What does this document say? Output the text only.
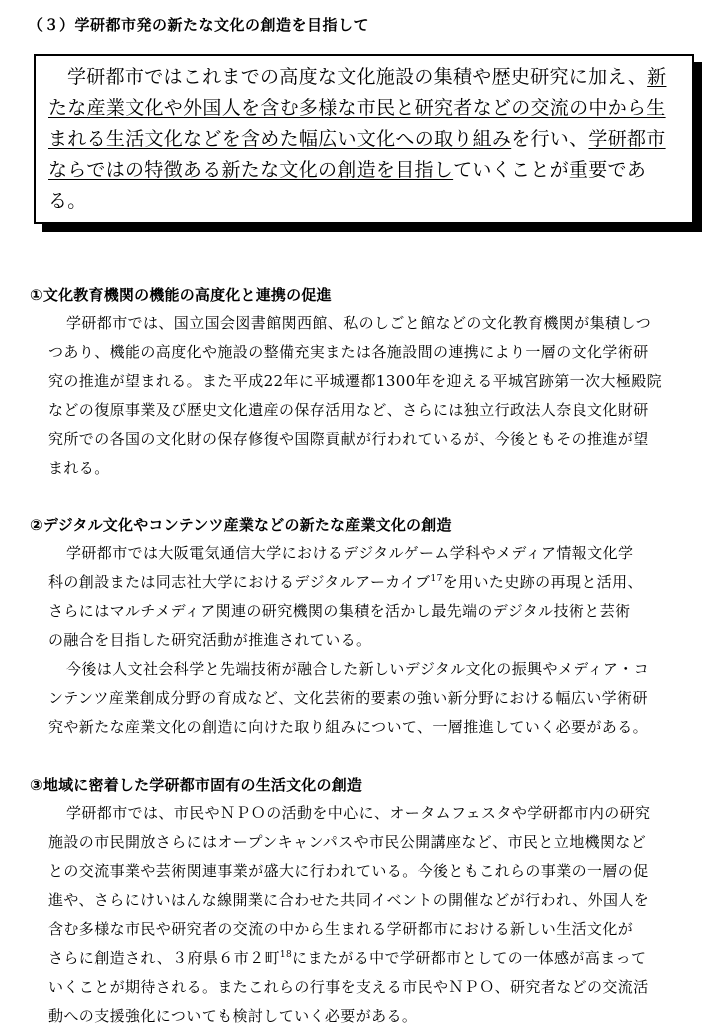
（３）学研都市発の新たな文化の創造を目指して
学研都市ではこれまでの高度な文化施設の集積や歴史研究に加え、新
たな産業文化や外国人を含む多様な市民と研究者などの交流の中から生
まれる生活文化などを含めた幅広い文化への取り組みを行い、学研都市
ならではの特徴ある新たな文化の創造を目指していくことが重要であ
る。
①文化教育機関の機能の高度化と連携の促進
学研都市では、国立国会図書館関西館、私のしごと館などの文化教育機関が集積しつ
つあり、機能の高度化や施設の整備充実または各施設間の連携により一層の文化学術研
究の推進が望まれる。また平成22年に平城遷都1300年を迎える平城宮跡第一次大極殿院
などの復原事業及び歴史文化遺産の保存活用など、さらには独立行政法人奈良文化財研
究所での各国の文化財の保存修復や国際貢献が行われているが、今後ともその推進が望
まれる。
②デジタル文化やコンテンツ産業などの新たな産業文化の創造
学研都市では大阪電気通信大学におけるデジタルゲーム学科やメディア情報文化学
科の創設または同志社大学におけるデジタルアーカイブ$^{17}$を用いた史跡の再現と活用、
さらにはマルチメディア関連の研究機関の集積を活かし最先端のデジタル技術と芸術
の融合を目指した研究活動が推進されている。
今後は人文社会科学と先端技術が融合した新しいデジタル文化の振興やメディア・コ
ンテンツ産業創成分野の育成など、文化芸術的要素の強い新分野における幅広い学術研
究や新たな産業文化の創造に向けた取り組みについて、一層推進していく必要がある。
③地域に密着した学研都市固有の生活文化の創造
学研都市では、市民やＮＰＯの活動を中心に、オータムフェスタや学研都市内の研究
施設の市民開放さらにはオープンキャンパスや市民公開講座など、市民と立地機関など
との交流事業や芸術関連事業が盛大に行われている。今後ともこれらの事業の一層の促
進や、さらにけいはんな線開業に合わせた共同イベントの開催などが行われ、外国人を
含む多様な市民や研究者の交流の中から生まれる学研都市における新しい生活文化が
さらに創造され、３府県６市２町$^{18}$にまたがる中で学研都市としての一体感が高まって
いくことが期待される。またこれらの行事を支える市民やＮＰＯ、研究者などの交流活
動への支援強化についても検討していく必要がある。
